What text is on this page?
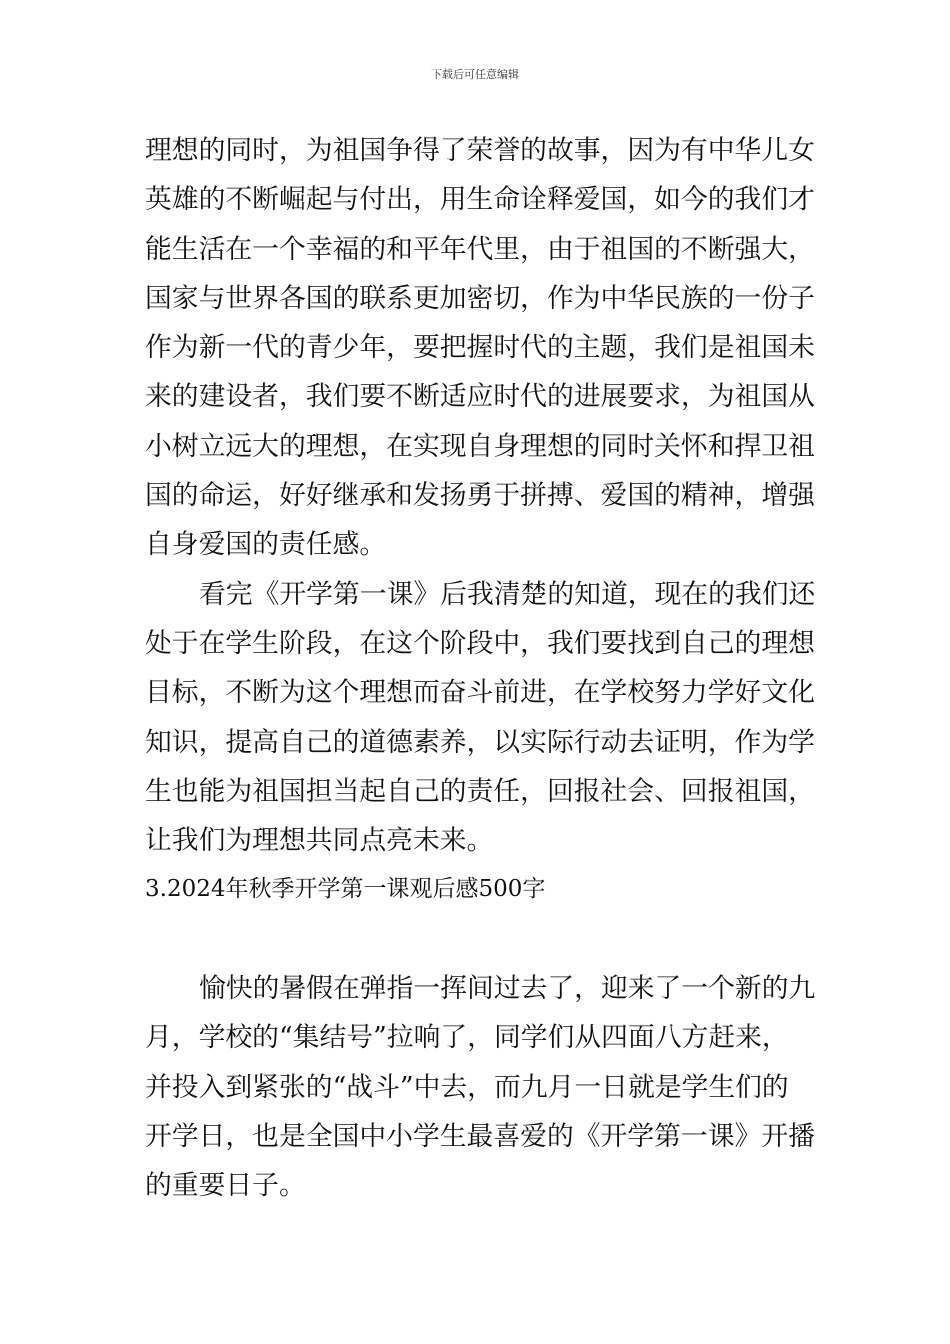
下载后可任意编辑
理想的同时，为祖国争得了荣誉的故事，因为有中华儿女
英雄的不断崛起与付出，用生命诠释爱国，如今的我们才
能生活在一个幸福的和平年代里，由于祖国的不断强大，
国家与世界各国的联系更加密切，作为中华民族的一份子
作为新一代的青少年，要把握时代的主题，我们是祖国未
来的建设者，我们要不断适应时代的进展要求，为祖国从
小树立远大的理想，在实现自身理想的同时关怀和捍卫祖
国的命运，好好继承和发扬勇于拼搏、爱国的精神，增强
自身爱国的责任感。
看完《开学第一课》后我清楚的知道，现在的我们还
处于在学生阶段，在这个阶段中，我们要找到自己的理想
目标，不断为这个理想而奋斗前进，在学校努力学好文化
知识，提高自己的道德素养，以实际行动去证明，作为学
生也能为祖国担当起自己的责任，回报社会、回报祖国，
让我们为理想共同点亮未来。
3.2024年秋季开学第一课观后感500字
愉快的暑假在弹指一挥间过去了，迎来了一个新的九
月，学校的“集结号”拉响了，同学们从四面八方赶来，
并投入到紧张的“战斗”中去，而九月一日就是学生们的
开学日，也是全国中小学生最喜爱的《开学第一课》开播
的重要日子。
